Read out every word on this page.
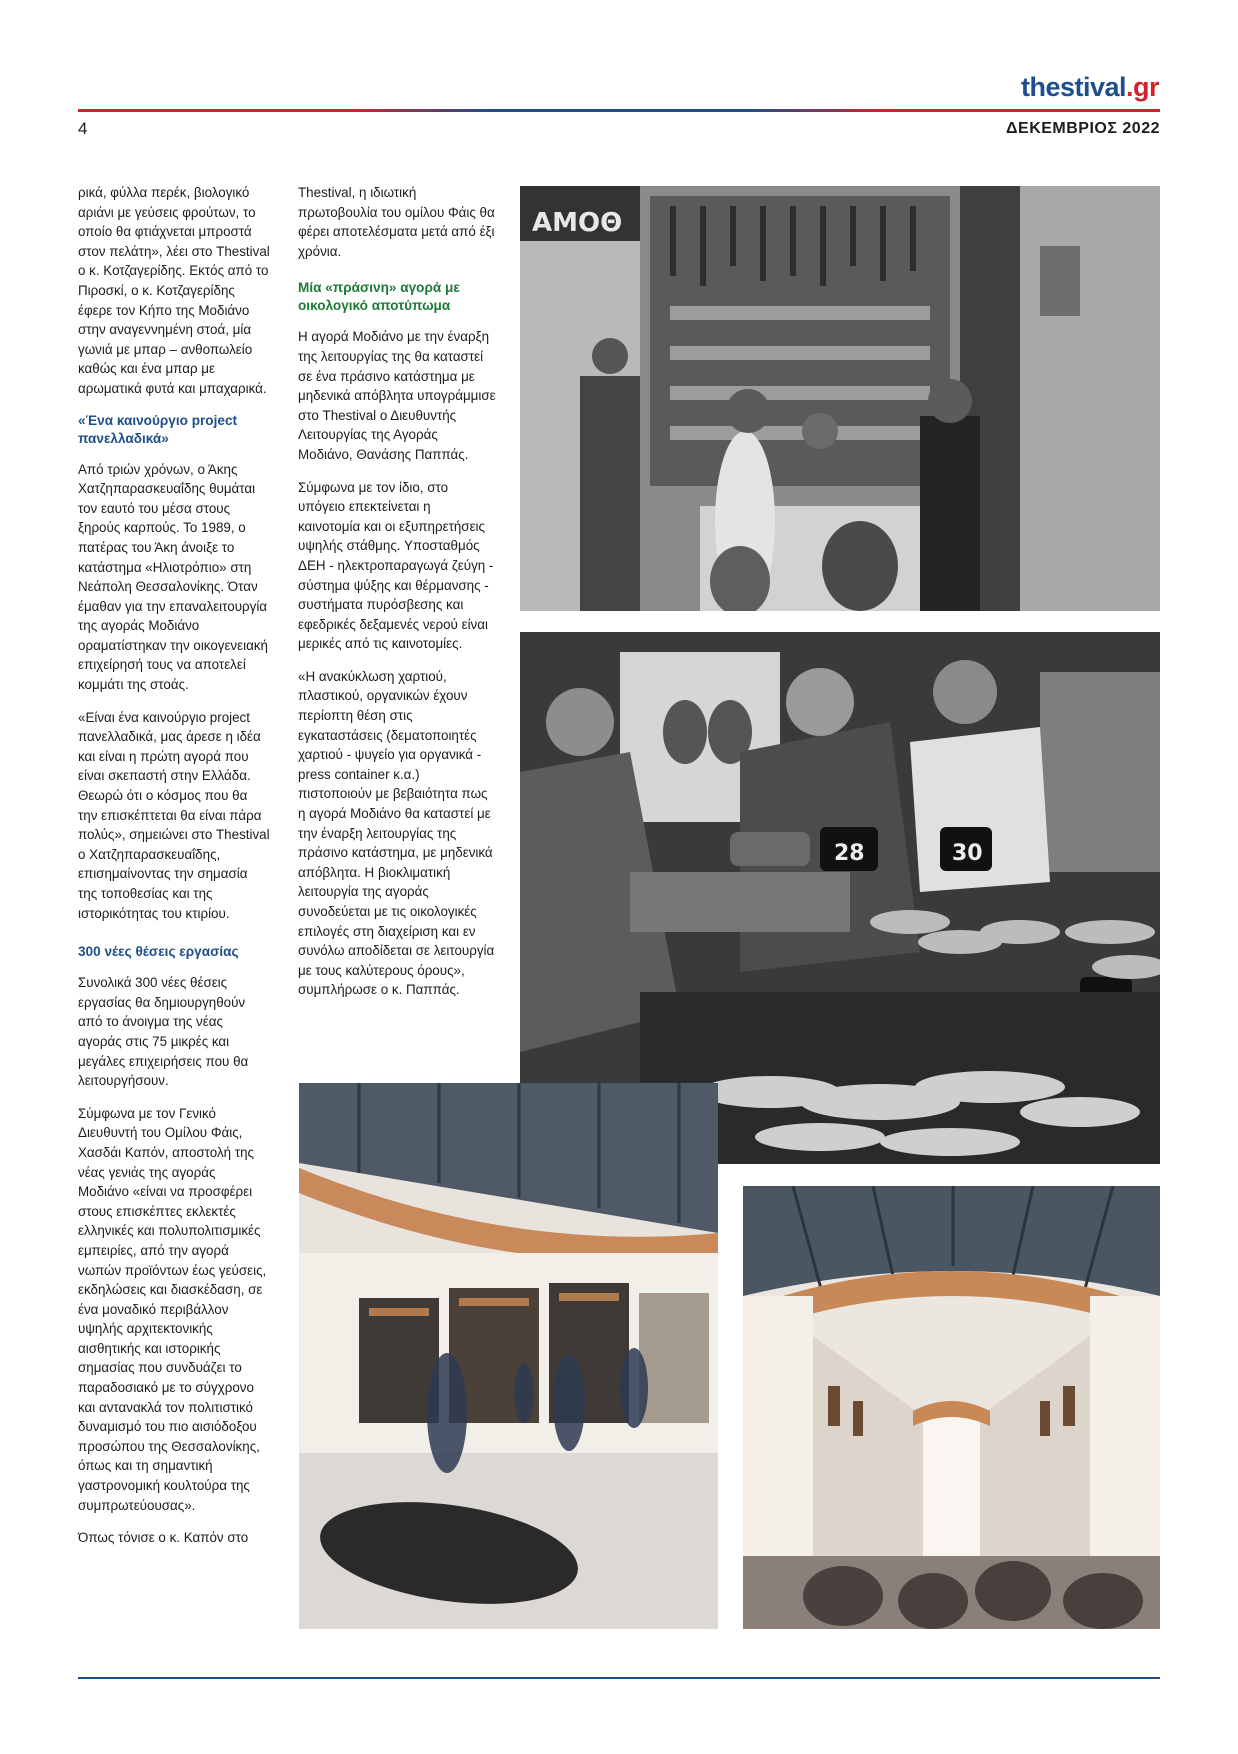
thestival.gr
4	ΔΕΚΕΜΒΡΙΟΣ 2022

ρικά, φύλλα περέκ, βιολογικό αριάνι με γεύσεις φρούτων, το οποίο θα φτιάχνεται μπροστά στον πελάτη», λέει στο Thestival ο κ. Κοτζαγερίδης. Εκτός από το Πιροσκί, ο κ. Κοτζαγερίδης έφερε τον Κήπο της Μοδιάνο στην αναγεννημένη στοά, μία γωνιά με μπαρ – ανθοπωλείο καθώς και ένα μπαρ με αρωματικά φυτά και μπαχαρικά.

«Ένα καινούργιο project πανελλαδικά»

Από τριών χρόνων, ο Άκης Χατζηπαρασκευαΐδης θυμάται τον εαυτό του μέσα στους ξηρούς καρπούς. Το 1989, ο πατέρας του Άκη άνοιξε το κατάστημα «Ηλιοτρόπιο» στη Νεάπολη Θεσσαλονίκης. Όταν έμαθαν για την επαναλειτουργία της αγοράς Μοδιάνο οραματίστηκαν την οικογενειακή επιχείρησή τους να αποτελεί κομμάτι της στοάς.

«Είναι ένα καινούργιο project πανελλαδικά, μας άρεσε η ιδέα και είναι η πρώτη αγορά που είναι σκεπαστή στην Ελλάδα. Θεωρώ ότι ο κόσμος που θα την επισκέπτεται θα είναι πάρα πολύς», σημειώνει στο Thestival ο Χατζηπαρασκευαΐδης, επισημαίνοντας την σημασία της τοποθεσίας και της ιστορικότητας του κτιρίου.

300 νέες θέσεις εργασίας

Συνολικά 300 νέες θέσεις εργασίας θα δημιουργηθούν από το άνοιγμα της νέας αγοράς στις 75 μικρές και μεγάλες επιχειρήσεις που θα λειτουργήσουν.

Σύμφωνα με τον Γενικό Διευθυντή του Ομίλου Φάις, Χασδάι Καπόν, αποστολή της νέας γενιάς της αγοράς Μοδιάνο «είναι να προσφέρει στους επισκέπτες εκλεκτές ελληνικές και πολυπολιτισμικές εμπειρίες, από την αγορά νωπών προϊόντων έως γεύσεις, εκδηλώσεις και διασκέδαση, σε ένα μοναδικό περιβάλλον υψηλής αρχιτεκτονικής αισθητικής και ιστορικής σημασίας που συνδυάζει το παραδοσιακό με το σύγχρονο και αντανακλά τον πολιτιστικό δυναμισμό του πιο αισιόδοξου προσώπου της Θεσσαλονίκης, όπως και τη σημαντική γαστρονομική κουλτούρα της συμπρωτεύουσας».

Όπως τόνισε ο κ. Καπόν στο

Thestival, η ιδιωτική πρωτοβουλία του ομίλου Φάις θα φέρει αποτελέσματα μετά από έξι χρόνια.

Μία «πράσινη» αγορά με οικολογικό αποτύπωμα

Η αγορά Μοδιάνο με την έναρξη της λειτουργίας της θα καταστεί σε ένα πράσινο κατάστημα με μηδενικά απόβλητα υπογράμμισε στο Thestival ο Διευθυντής Λειτουργίας της Αγοράς Μοδιάνο, Θανάσης Παππάς.

Σύμφωνα με τον ίδιο, στο υπόγειο επεκτείνεται η καινοτομία και οι εξυπηρετήσεις υψηλής στάθμης. Υποσταθμός ΔΕΗ - ηλεκτροπαραγωγά ζεύγη - σύστημα ψύξης και θέρμανσης - συστήματα πυρόσβεσης και εφεδρικές δεξαμενές νερού είναι μερικές από τις καινοτομίες.

«Η ανακύκλωση χαρτιού, πλαστικού, οργανικών έχουν περίοπτη θέση στις εγκαταστάσεις (δεματοποιητές χαρτιού - ψυγείο για οργανικά - press container κ.α.) πιστοποιούν με βεβαιότητα πως η αγορά Μοδιάνο θα καταστεί με την έναρξη λειτουργίας της πράσινο κατάστημα, με μηδενικά απόβλητα. Η βιοκλιματική λειτουργία της αγοράς συνοδεύεται με τις οικολογικές επιλογές στη διαχείριση και εν συνόλω αποδίδεται σε λειτουργία με τους καλύτερους όρους», συμπλήρωσε ο κ. Παππάς.

ΑΜΟΘ
28	30
